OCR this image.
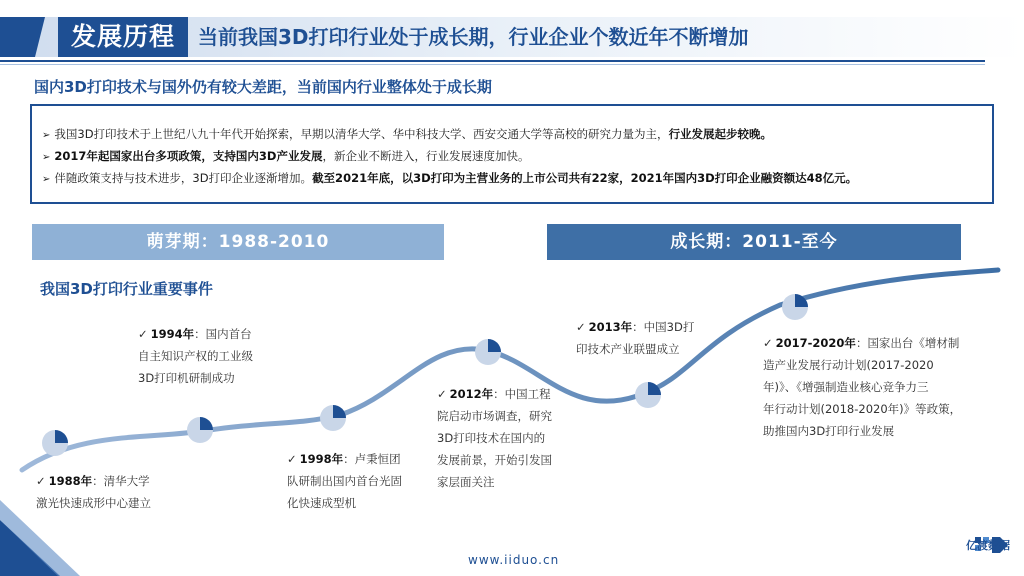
发展历程	当前我国3D打印行业处于成长期，行业企业个数近年不断增加
国内3D打印技术与国外仍有较大差距，当前国内行业整体处于成长期
➢ 我国3D打印技术于上世纪八九十年代开始探索，早期以清华大学、华中科技大学、西安交通大学等高校的研究力量为主，行业发展起步较晚。
➢ 2017年起国家出台多项政策，支持国内3D产业发展，新企业不断进入，行业发展速度加快。
➢ 伴随政策支持与技术进步，3D打印企业逐渐增加。截至2021年底，以3D打印为主营业务的上市公司共有22家，2021年国内3D打印企业融资额达48亿元。
萌芽期：1988-2010	成长期：2011-至今
我国3D打印行业重要事件
✓ 1988年：清华大学
激光快速成形中心建立
✓ 1994年：国内首台
自主知识产权的工业级
3D打印机研制成功
✓ 1998年：卢秉恒团
队研制出国内首台光固
化快速成型机
✓ 2012年：中国工程
院启动市场调查，研究
3D打印技术在国内的
发展前景，开始引发国
家层面关注
✓ 2013年：中国3D打
印技术产业联盟成立	✓ 2017-2020年：国家出台《增材制
造产业发展行动计划(2017-2020
年)》、《增强制造业核心竞争力三
年行动计划(2018-2020年)》等政策，
助推国内3D打印行业发展
www.iiduo.cn
亿渡数据
